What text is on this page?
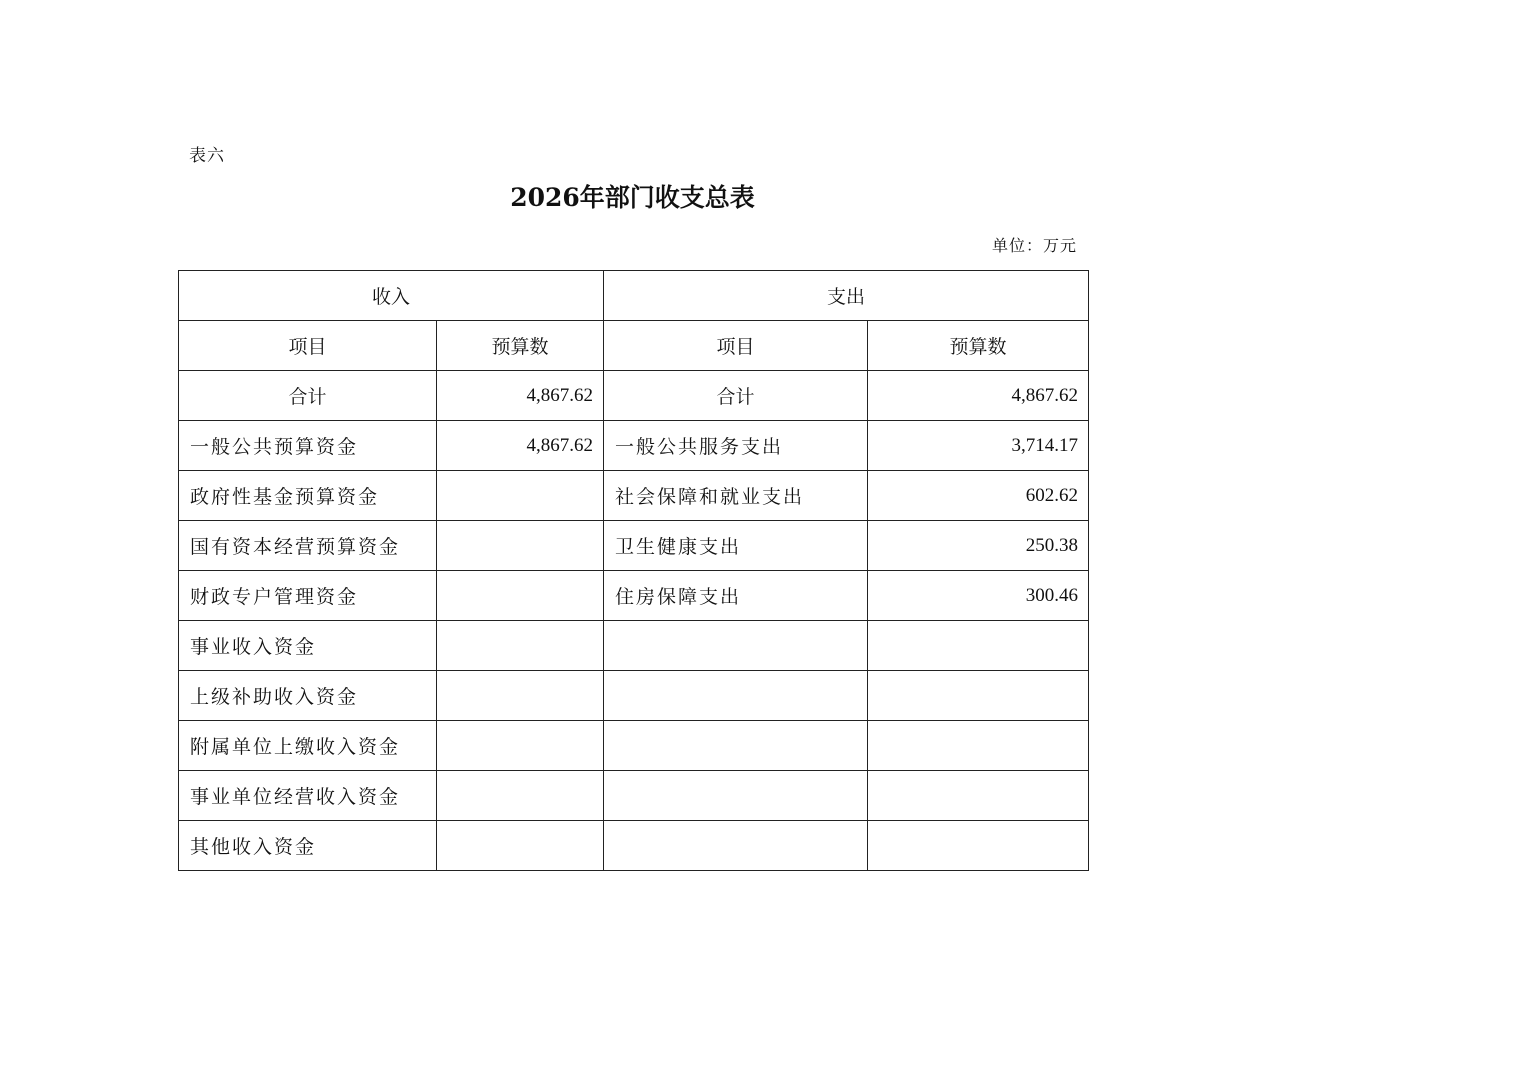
表六
2026年部门收支总表
单位：万元
收入		支出	
项目	预算数	项目	预算数
合计	4,867.62	合计	4,867.62
一般公共预算资金	4,867.62	一般公共服务支出	3,714.17
政府性基金预算资金		社会保障和就业支出	602.62
国有资本经营预算资金		卫生健康支出	250.38
财政专户管理资金		住房保障支出	300.46
事业收入资金			
上级补助收入资金			
附属单位上缴收入资金			
事业单位经营收入资金			
其他收入资金			
